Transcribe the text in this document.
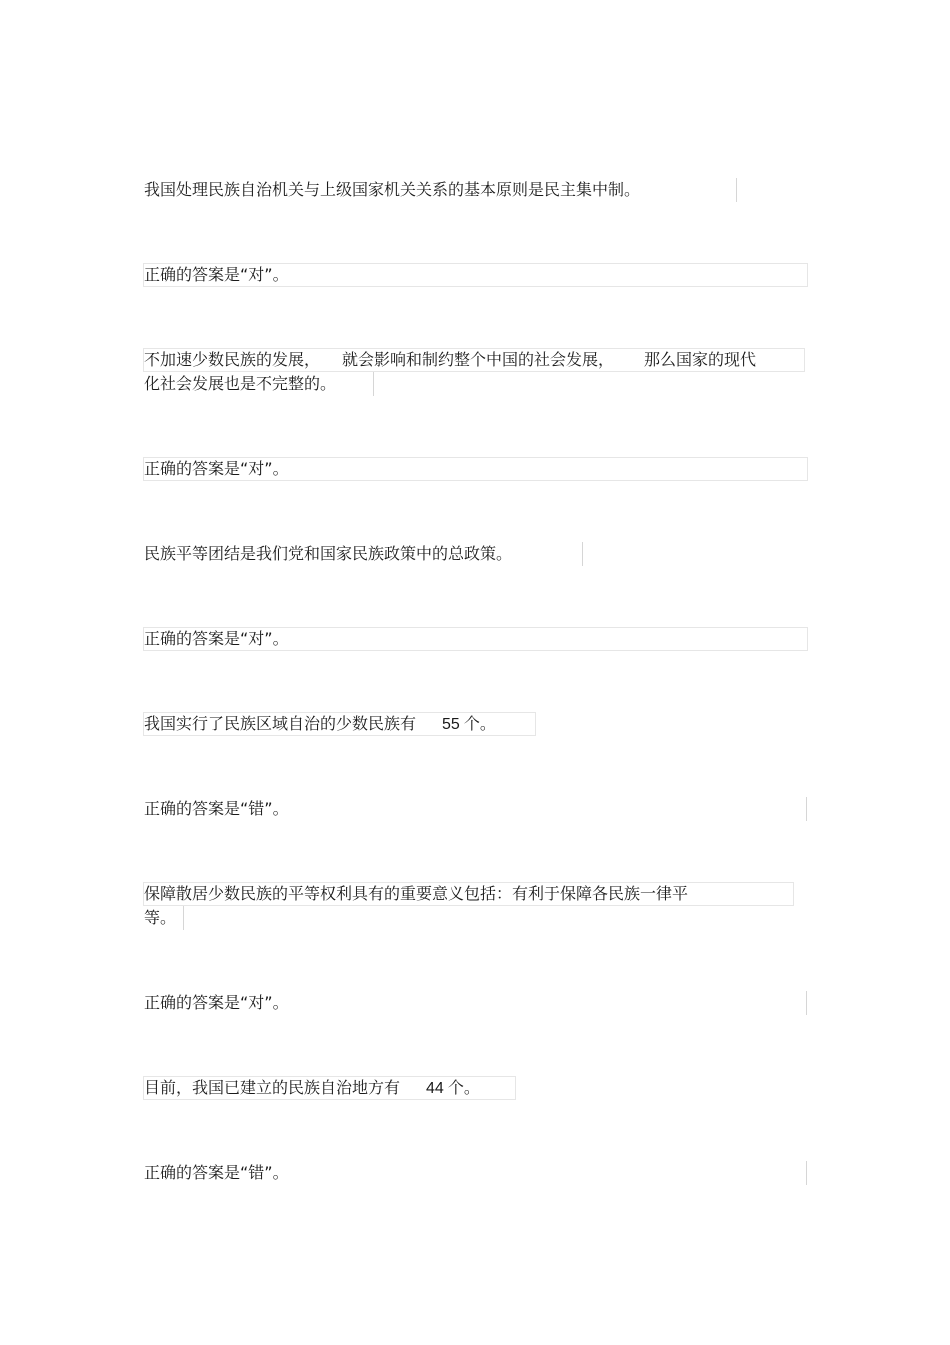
我国处理民族自治机关与上级国家机关关系的基本原则是民主集中制。

正确的答案是“对”。

不加速少数民族的发展， 就会影响和制约整个中国的社会发展， 那么国家的现代

化社会发展也是不完整的。

正确的答案是“对”。

民族平等团结是我们党和国家民族政策中的总政策。

正确的答案是“对”。

我国实行了民族区域自治的少数民族有 55 个。

正确的答案是“错”。

保障散居少数民族的平等权利具有的重要意义包括：有利于保障各民族一律平

等。

正确的答案是“对”。

目前，我国已建立的民族自治地方有 44 个。

正确的答案是“错”。
